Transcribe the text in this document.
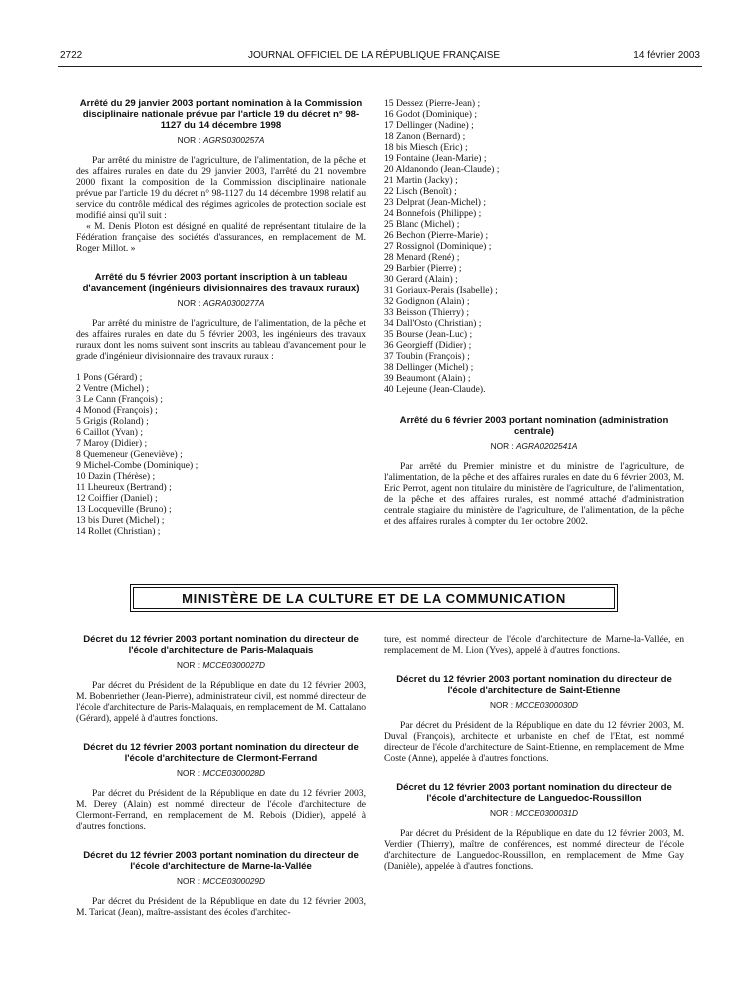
2722	JOURNAL OFFICIEL DE LA RÉPUBLIQUE FRANÇAISE	14 février 2003

Arrêté du 29 janvier 2003 portant nomination à la Commission disciplinaire nationale prévue par l'article 19 du décret n° 98-1127 du 14 décembre 1998

NOR : AGRS0300257A

Par arrêté du ministre de l'agriculture, de l'alimentation, de la pêche et des affaires rurales en date du 29 janvier 2003, l'arrêté du 21 novembre 2000 fixant la composition de la Commission disciplinaire nationale prévue par l'article 19 du décret n° 98-1127 du 14 décembre 1998 relatif au service du contrôle médical des régimes agricoles de protection sociale est modifié ainsi qu'il suit :

« M. Denis Ploton est désigné en qualité de représentant titulaire de la Fédération française des sociétés d'assurances, en remplacement de M. Roger Millot. »

Arrêté du 5 février 2003 portant inscription à un tableau d'avancement (ingénieurs divisionnaires des travaux ruraux)

NOR : AGRA0300277A

Par arrêté du ministre de l'agriculture, de l'alimentation, de la pêche et des affaires rurales en date du 5 février 2003, les ingénieurs des travaux ruraux dont les noms suivent sont inscrits au tableau d'avancement pour le grade d'ingénieur divisionnaire des travaux ruraux :

1 Pons (Gérard) ;
2 Ventre (Michel) ;
3 Le Cann (François) ;
4 Monod (François) ;
5 Grigis (Roland) ;
6 Caillot (Yvan) ;
7 Maroy (Didier) ;
8 Quemeneur (Geneviève) ;
9 Michel-Combe (Dominique) ;
10 Dazin (Thérèse) ;
11 Lheureux (Bertrand) ;
12 Coiffier (Daniel) ;
13 Locqueville (Bruno) ;
13 bis Duret (Michel) ;
14 Rollet (Christian) ;
15 Dessez (Pierre-Jean) ;
16 Godot (Dominique) ;
17 Dellinger (Nadine) ;
18 Zanon (Bernard) ;
18 bis Miesch (Eric) ;
19 Fontaine (Jean-Marie) ;
20 Aldanondo (Jean-Claude) ;
21 Martin (Jacky) ;
22 Lisch (Benoît) ;
23 Delprat (Jean-Michel) ;
24 Bonnefois (Philippe) ;
25 Blanc (Michel) ;
26 Bechon (Pierre-Marie) ;
27 Rossignol (Dominique) ;
28 Menard (René) ;
29 Barbier (Pierre) ;
30 Gerard (Alain) ;
31 Goriaux-Perais (Isabelle) ;
32 Godignon (Alain) ;
33 Beisson (Thierry) ;
34 Dall'Osto (Christian) ;
35 Bourse (Jean-Luc) ;
36 Georgieff (Didier) ;
37 Toubin (François) ;
38 Dellinger (Michel) ;
39 Beaumont (Alain) ;
40 Lejeune (Jean-Claude).

Arrêté du 6 février 2003 portant nomination (administration centrale)

NOR : AGRA0202541A

Par arrêté du Premier ministre et du ministre de l'agriculture, de l'alimentation, de la pêche et des affaires rurales en date du 6 février 2003, M. Eric Perrot, agent non titulaire du ministère de l'agriculture, de l'alimentation, de la pêche et des affaires rurales, est nommé attaché d'administration centrale stagiaire du ministère de l'agriculture, de l'alimentation, de la pêche et des affaires rurales à compter du 1er octobre 2002.

MINISTÈRE DE LA CULTURE ET DE LA COMMUNICATION

Décret du 12 février 2003 portant nomination du directeur de l'école d'architecture de Paris-Malaquais

NOR : MCCE0300027D

Par décret du Président de la République en date du 12 février 2003, M. Bobenriether (Jean-Pierre), administrateur civil, est nommé directeur de l'école d'architecture de Paris-Malaquais, en remplacement de M. Cattalano (Gérard), appelé à d'autres fonctions.

Décret du 12 février 2003 portant nomination du directeur de l'école d'architecture de Clermont-Ferrand

NOR : MCCE0300028D

Par décret du Président de la République en date du 12 février 2003, M. Derey (Alain) est nommé directeur de l'école d'architecture de Clermont-Ferrand, en remplacement de M. Rebois (Didier), appelé à d'autres fonctions.

Décret du 12 février 2003 portant nomination du directeur de l'école d'architecture de Marne-la-Vallée

NOR : MCCE0300029D

Par décret du Président de la République en date du 12 février 2003, M. Taricat (Jean), maître-assistant des écoles d'architec-

ture, est nommé directeur de l'école d'architecture de Marne-la-Vallée, en remplacement de M. Lion (Yves), appelé à d'autres fonctions.

Décret du 12 février 2003 portant nomination du directeur de l'école d'architecture de Saint-Etienne

NOR : MCCE0300030D

Par décret du Président de la République en date du 12 février 2003, M. Duval (François), architecte et urbaniste en chef de l'Etat, est nommé directeur de l'école d'architecture de Saint-Etienne, en remplacement de Mme Coste (Anne), appelée à d'autres fonctions.

Décret du 12 février 2003 portant nomination du directeur de l'école d'architecture de Languedoc-Roussillon

NOR : MCCE0300031D

Par décret du Président de la République en date du 12 février 2003, M. Verdier (Thierry), maître de conférences, est nommé directeur de l'école d'architecture de Languedoc-Roussillon, en remplacement de Mme Gay (Danièle), appelée à d'autres fonctions.
